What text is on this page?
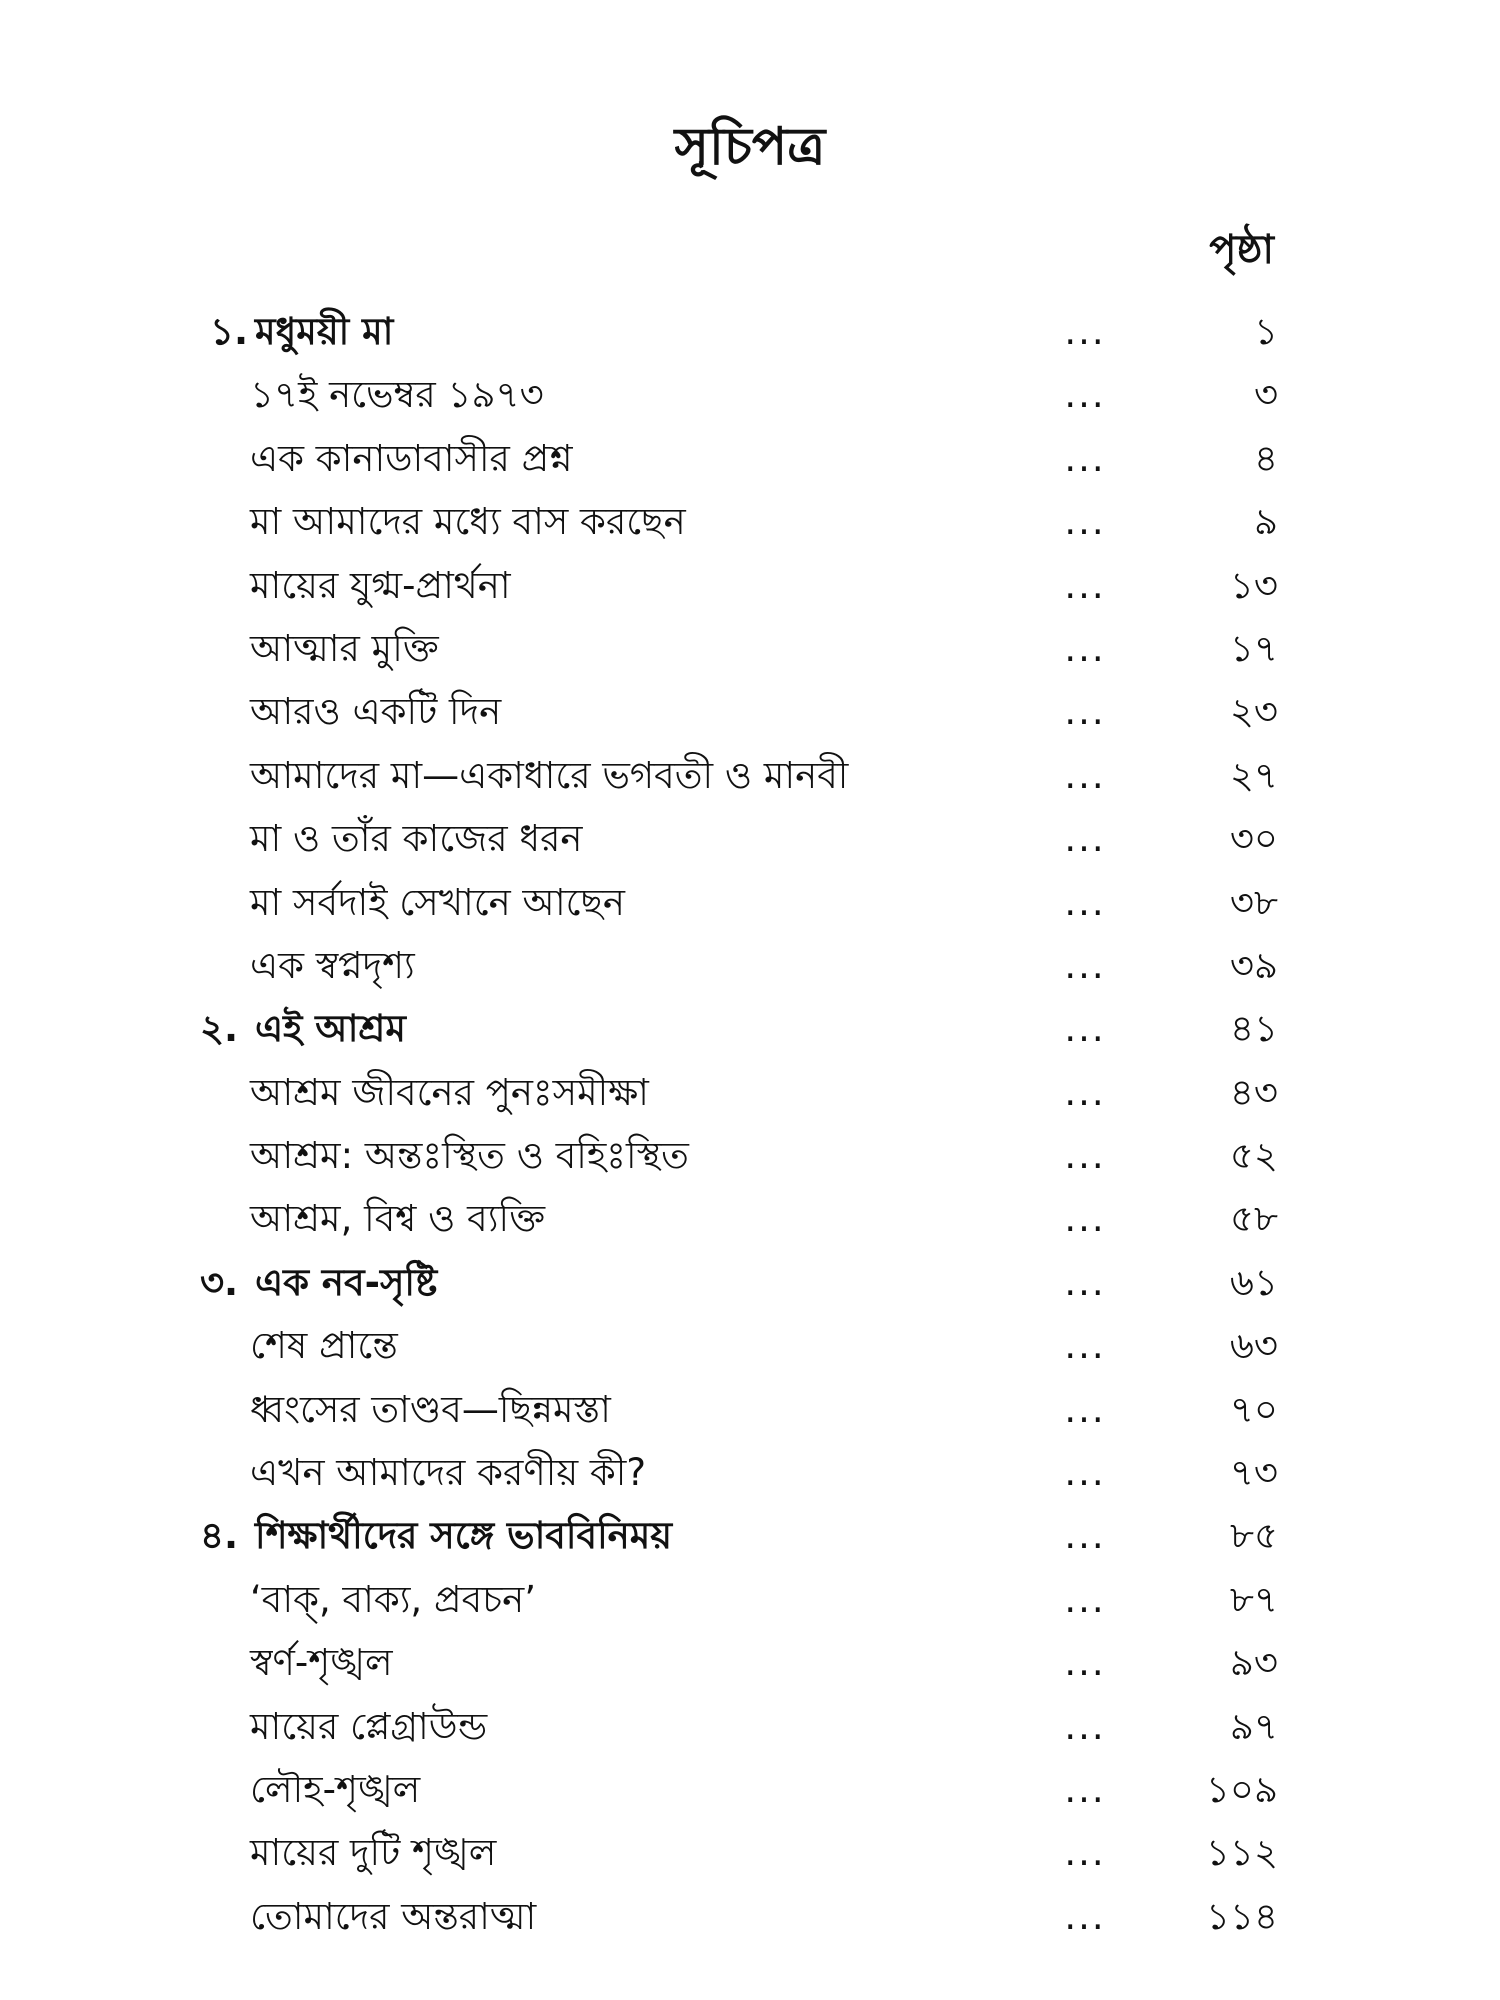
সূচিপত্র
পৃষ্ঠা
১. মধুময়ী মা	...	১
১৭ই নভেম্বর ১৯৭৩	...	৩
এক কানাডাবাসীর প্রশ্ন	...	৪
মা আমাদের মধ্যে বাস করছেন	...	৯
মায়ের যুগ্ম-প্রার্থনা	...	১৩
আত্মার মুক্তি	...	১৭
আরও একটি দিন	...	২৩
আমাদের মা—একাধারে ভগবতী ও মানবী	...	২৭
মা ও তাঁর কাজের ধরন	...	৩০
মা সর্বদাই সেখানে আছেন	...	৩৮
এক স্বপ্নদৃশ্য	...	৩৯
২. এই আশ্রম	...	৪১
আশ্রম জীবনের পুনঃসমীক্ষা	...	৪৩
আশ্রম: অন্তঃস্থিত ও বহিঃস্থিত	...	৫২
আশ্রম, বিশ্ব ও ব্যক্তি	...	৫৮
৩. এক নব-সৃষ্টি	...	৬১
শেষ প্রান্তে	...	৬৩
ধ্বংসের তাণ্ডব—ছিন্নমস্তা	...	৭০
এখন আমাদের করণীয় কী?	...	৭৩
৪. শিক্ষার্থীদের সঙ্গে ভাববিনিময়	...	৮৫
‘বাক্, বাক্য, প্রবচন’	...	৮৭
স্বর্ণ-শৃঙ্খল	...	৯৩
মায়ের প্লেগ্রাউন্ড	...	৯৭
লৌহ-শৃঙ্খল	...	১০৯
মায়ের দুটি শৃঙ্খল	...	১১২
তোমাদের অন্তরাত্মা	...	১১৪
